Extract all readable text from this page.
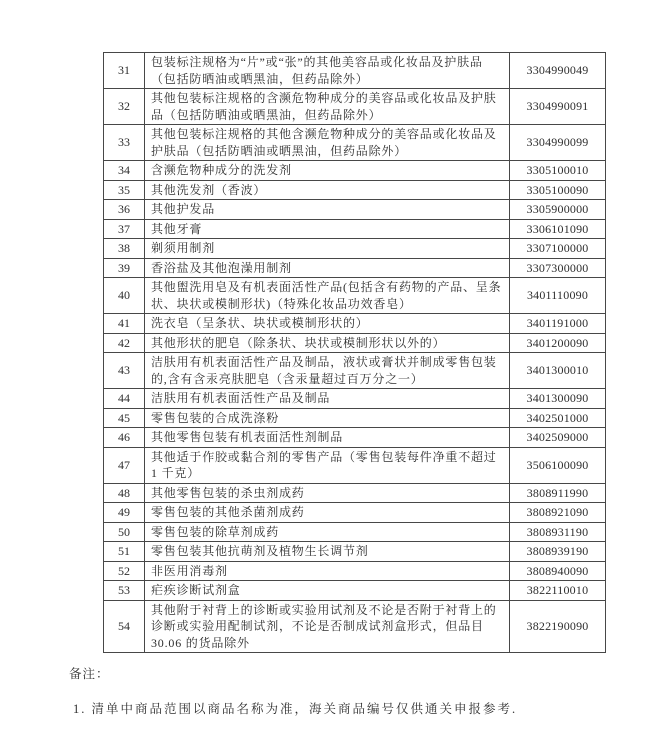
31	包装标注规格为“片”或“张”的其他美容品或化妆品及护肤品（包括防晒油或晒黑油，但药品除外）	3304990049
32	其他包装标注规格的含濒危物种成分的美容品或化妆品及护肤品（包括防晒油或晒黑油，但药品除外）	3304990091
33	其他包装标注规格的其他含濒危物种成分的美容品或化妆品及护肤品（包括防晒油或晒黑油，但药品除外）	3304990099
34	含濒危物种成分的洗发剂	3305100010
35	其他洗发剂（香波）	3305100090
36	其他护发品	3305900000
37	其他牙膏	3306101090
38	剃须用制剂	3307100000
39	香浴盐及其他泡澡用制剂	3307300000
40	其他盥洗用皂及有机表面活性产品(包括含有药物的产品、呈条状、块状或模制形状)（特殊化妆品功效香皂）	3401110090
41	洗衣皂（呈条状、块状或模制形状的）	3401191000
42	其他形状的肥皂（除条状、块状或模制形状以外的）	3401200090
43	洁肤用有机表面活性产品及制品，液状或膏状并制成零售包装的,含有含汞亮肤肥皂（含汞量超过百万分之一）	3401300010
44	洁肤用有机表面活性产品及制品	3401300090
45	零售包装的合成洗涤粉	3402501000
46	其他零售包装有机表面活性剂制品	3402509000
47	其他适于作胶或黏合剂的零售产品（零售包装每件净重不超过 1 千克）	3506100090
48	其他零售包装的杀虫剂成药	3808911990
49	零售包装的其他杀菌剂成药	3808921090
50	零售包装的除草剂成药	3808931190
51	零售包装其他抗萌剂及植物生长调节剂	3808939190
52	非医用消毒剂	3808940090
53	疟疾诊断试剂盒	3822110010
54	其他附于衬背上的诊断或实验用试剂及不论是否附于衬背上的诊断或实验用配制试剂，不论是否制成试剂盒形式，但品目 30.06 的货品除外	3822190090
备注：
1. 清单中商品范围以商品名称为准，海关商品编号仅供通关申报参考.
